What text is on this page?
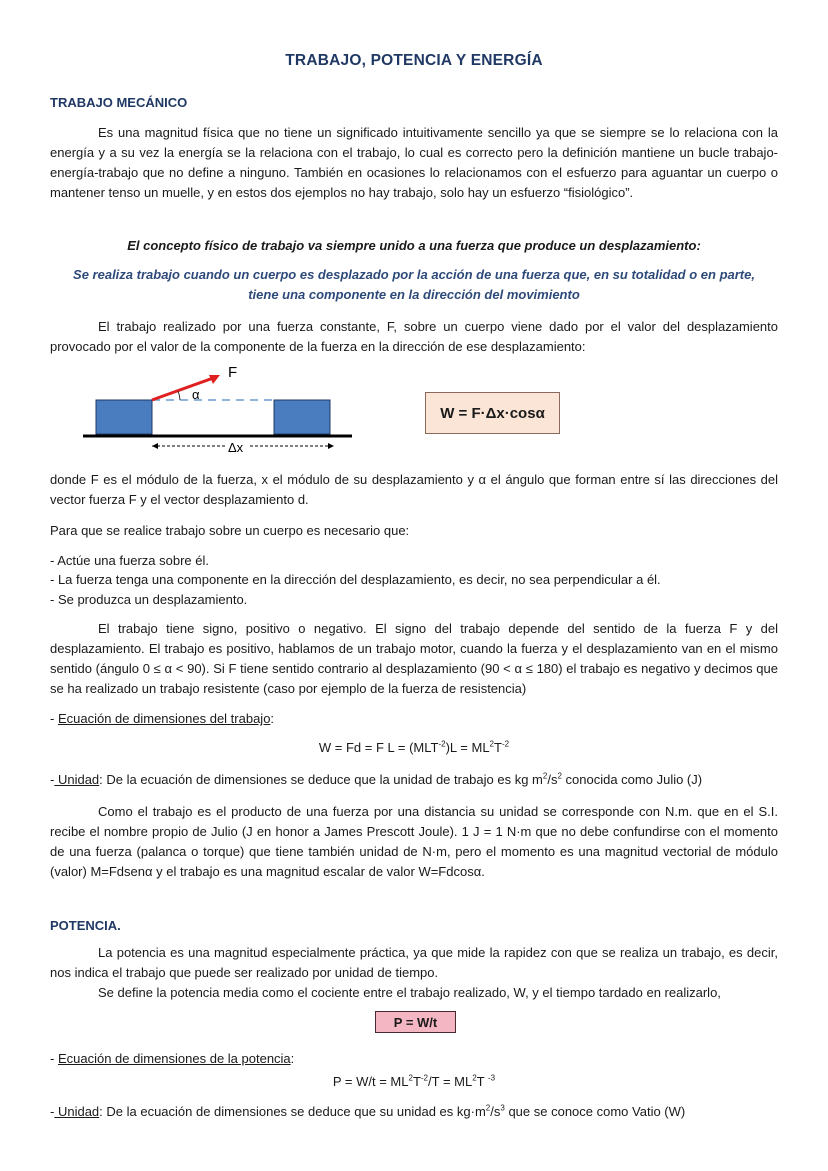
TRABAJO, POTENCIA Y ENERGÍA
TRABAJO MECÁNICO
Es una magnitud física que no tiene un significado intuitivamente sencillo ya que se siempre se lo relaciona con la energía y a su vez la energía se la relaciona con el trabajo, lo cual es correcto pero la definición mantiene un bucle trabajo-energía-trabajo que no define a ninguno. También en ocasiones lo relacionamos con el esfuerzo para aguantar un cuerpo o mantener tenso un muelle, y en estos dos ejemplos no hay trabajo, solo hay un esfuerzo “fisiológico”.
El concepto físico de trabajo va siempre unido a una fuerza que produce un desplazamiento:
Se realiza trabajo cuando un cuerpo es desplazado por la acción de una fuerza que, en su totalidad o en parte,
tiene una componente en la dirección del movimiento
El trabajo realizado por una fuerza constante, F, sobre un cuerpo viene dado por el valor del desplazamiento provocado por el valor de la componente de la fuerza en la dirección de ese desplazamiento:
F
α
Δx
W = F·Δx·cosα
donde F es el módulo de la fuerza, x el módulo de su desplazamiento y α el ángulo que forman entre sí las direcciones del vector fuerza F y el vector desplazamiento d.
Para que se realice trabajo sobre un cuerpo es necesario que:
- Actúe una fuerza sobre él.
- La fuerza tenga una componente en la dirección del desplazamiento, es decir, no sea perpendicular a él.
- Se produzca un desplazamiento.
El trabajo tiene signo, positivo o negativo. El signo del trabajo depende del sentido de la fuerza F y del desplazamiento. El trabajo es positivo, hablamos de un trabajo motor, cuando la fuerza y el desplazamiento van en el mismo sentido (ángulo 0 ≤ α < 90). Si F tiene sentido contrario al desplazamiento (90 < α ≤ 180) el trabajo es negativo y decimos que se ha realizado un trabajo resistente (caso por ejemplo de la fuerza de resistencia)
- Ecuación de dimensiones del trabajo:
W = Fd = F $L = (MLT^{-2})L = ML^2T^{-2}$
- Unidad: De la ecuación de dimensiones se deduce que la unidad de trabajo es kg $m^2/s^2$ conocida como Julio (J)
Como el trabajo es el producto de una fuerza por una distancia su unidad se corresponde con N.m. que en el S.I. recibe el nombre propio de Julio (J en honor a James Prescott Joule). 1 J = 1 N·m que no debe confundirse con el momento de una fuerza (palanca o torque) que tiene también unidad de N·m, pero el momento es una magnitud vectorial de módulo (valor) M=Fdsenα y el trabajo es una magnitud escalar de valor W=Fdcosα.
POTENCIA.
La potencia es una magnitud especialmente práctica, ya que mide la rapidez con que se realiza un trabajo, es decir, nos indica el trabajo que puede ser realizado por unidad de tiempo.
Se define la potencia media como el cociente entre el trabajo realizado, W, y el tiempo tardado en realizarlo,
P = W/t
- Ecuación de dimensiones de la potencia:
$P = W/t = ML^2T^{-2}/T = ML^2T$ $^{-3}$
- Unidad: De la ecuación de dimensiones se deduce que su unidad es $kg\cdot m^2/s^3$ que se conoce como Vatio (W)
